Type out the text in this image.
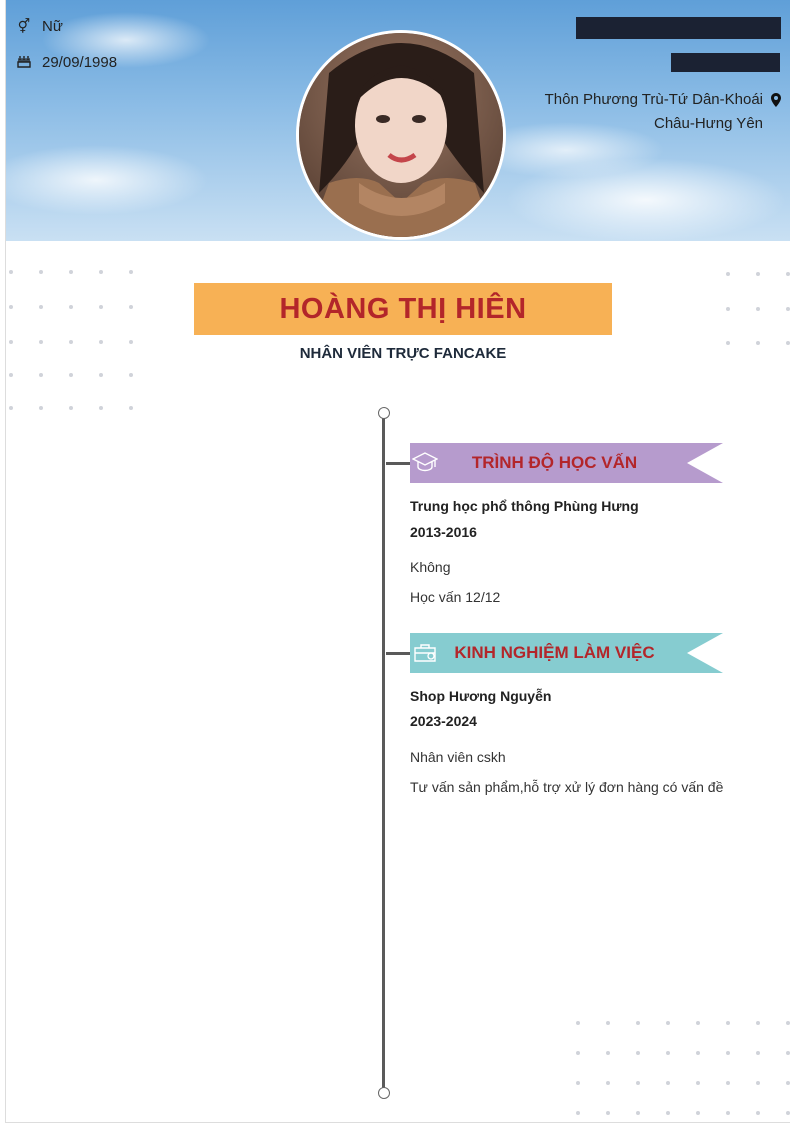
⚥ Nữ
29/09/1998
Thôn Phương Trù-Tứ Dân-Khoái Châu-Hưng Yên
HOÀNG THỊ HIÊN
NHÂN VIÊN TRỰC FANCAKE
TRÌNH ĐỘ HỌC VẤN
Trung học phổ thông Phùng Hưng
2013-2016
Không
Học vấn 12/12
KINH NGHIỆM LÀM VIỆC
Shop Hương Nguyễn
2023-2024
Nhân viên cskh
Tư vấn sản phẩm,hỗ trợ xử lý đơn hàng có vấn đề
